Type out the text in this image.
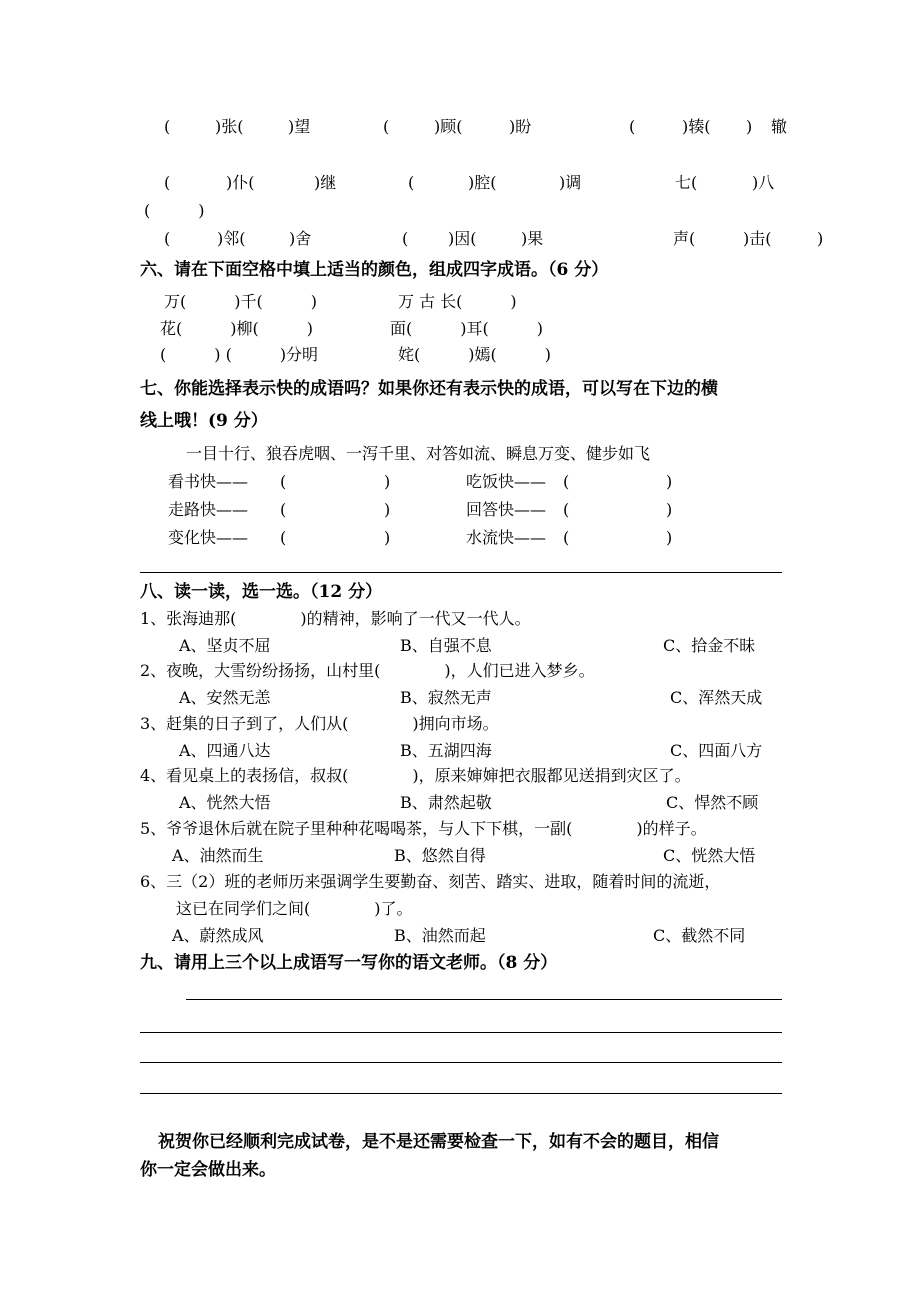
(	)张(	)望	(	)顾(	)盼	(	)辏( ) 辙
(	)仆(	)继	(	)腔(	)调	七(	)八
(　　　)
(	)邻(	)舍	( )因(	)果	声(	)击(	)
六、请在下面空格中填上适当的颜色，组成四字成语。（6 分）
万(　　　)千(　　　)	万 古 长(　　　)
花(　　　)柳(　　　)	面(　　　)耳(　　　)
(　　　) (　　　)分明	姹(　　　)嫣(　　　)
七、你能选择表示快的成语吗？如果你还有表示快的成语，可以写在下边的横
线上哦！(9 分）
一目十行、狼吞虎咽、一泻千里、对答如流、瞬息万变、健步如飞
看书快—— (	)	吃饭快—— (	)
走路快—— (	)	回答快—— (	)
变化快—— (	)	水流快—— (	)
八、读一读，选一选。（12 分）
1、张海迪那(　　　　)的精神，影响了一代又一代人。
A、坚贞不屈	B、自强不息	C、拾金不昧
2、夜晚，大雪纷纷扬扬，山村里(　　　　)，人们已进入梦乡。
A、安然无恙	B、寂然无声	C、浑然天成
3、赶集的日子到了，人们从(　　　　)拥向市场。
A、四通八达	B、五湖四海	C、四面八方
4、看见桌上的表扬信，叔叔(　　　　)，原来婶婶把衣服都见送捐到灾区了。
A、恍然大悟	B、肃然起敬	C、悍然不顾
5、爷爷退休后就在院子里种种花喝喝茶，与人下下棋，一副(　　　　)的样子。
A、油然而生	B、悠然自得	C、恍然大悟
6、三（2）班的老师历来强调学生要勤奋、刻苦、踏实、进取，随着时间的流逝，
这已在同学们之间(　　　　)了。
A、蔚然成风	B、油然而起	C、截然不同
九、请用上三个以上成语写一写你的语文老师。（8 分）
祝贺你已经顺利完成试卷，是不是还需要检查一下，如有不会的题目，相信
你一定会做出来。
